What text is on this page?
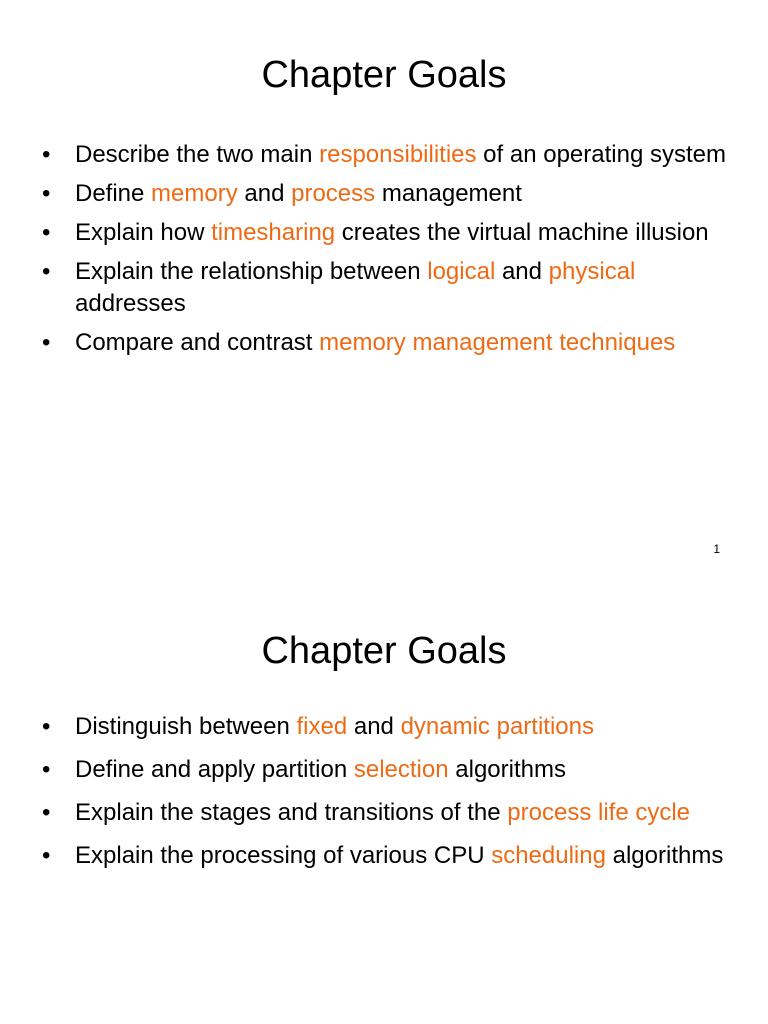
Chapter Goals
• Describe the two main responsibilities of an operating system
• Define memory and process management
• Explain how timesharing creates the virtual machine illusion
• Explain the relationship between logical and physical addresses
• Compare and contrast memory management techniques
1
Chapter Goals
• Distinguish between fixed and dynamic partitions
• Define and apply partition selection algorithms
• Explain the stages and transitions of the process life cycle
• Explain the processing of various CPU scheduling algorithms
